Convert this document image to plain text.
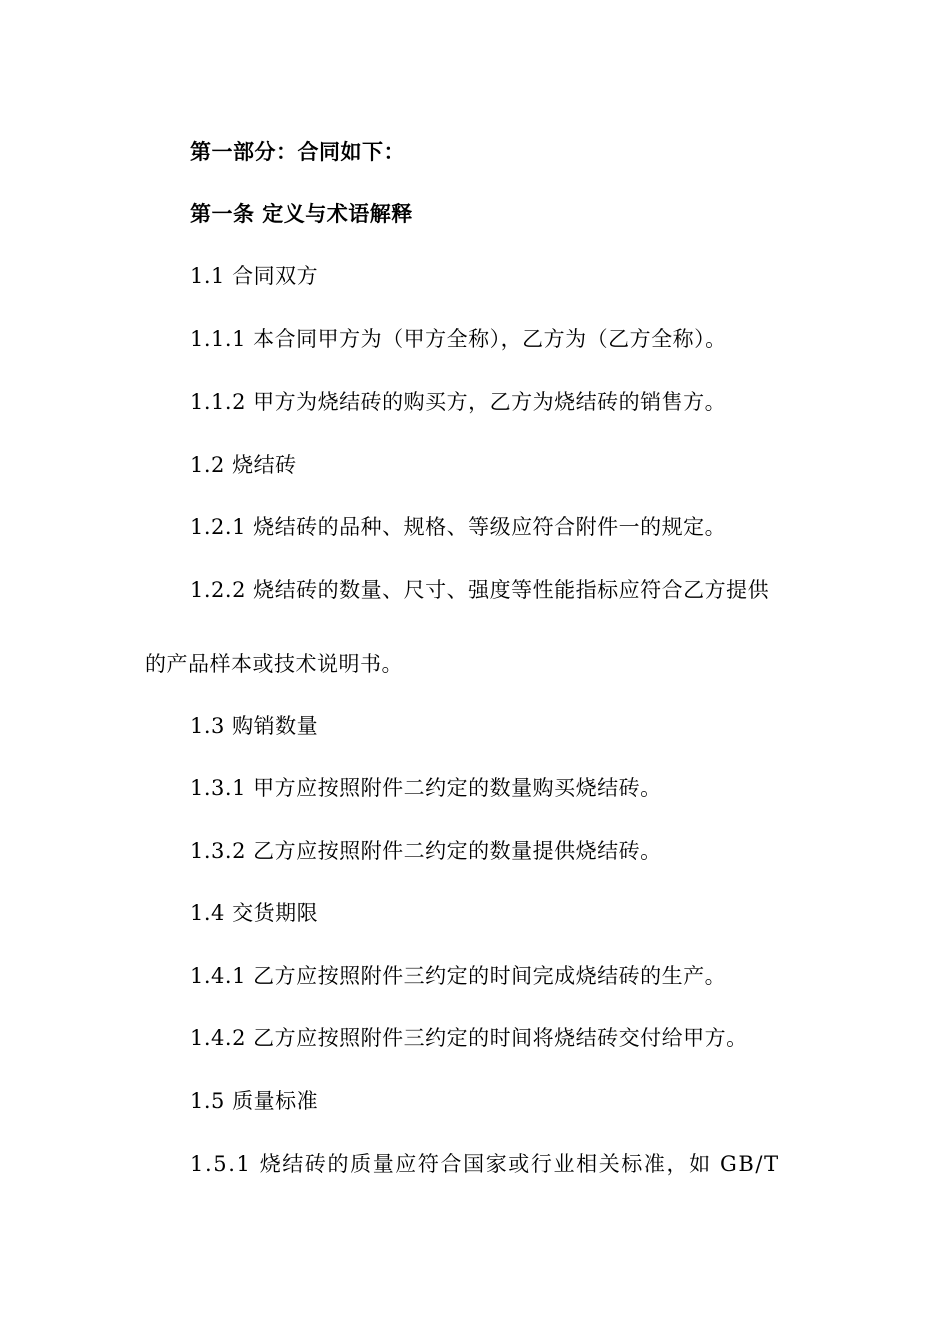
第一部分：合同如下：
第一条 定义与术语解释
1.1 合同双方
1.1.1 本合同甲方为（甲方全称），乙方为（乙方全称）。
1.1.2 甲方为烧结砖的购买方，乙方为烧结砖的销售方。
1.2 烧结砖
1.2.1 烧结砖的品种、规格、等级应符合附件一的规定。
1.2.2 烧结砖的数量、尺寸、强度等性能指标应符合乙方提供
的产品样本或技术说明书。
1.3 购销数量
1.3.1 甲方应按照附件二约定的数量购买烧结砖。
1.3.2 乙方应按照附件二约定的数量提供烧结砖。
1.4 交货期限
1.4.1 乙方应按照附件三约定的时间完成烧结砖的生产。
1.4.2 乙方应按照附件三约定的时间将烧结砖交付给甲方。
1.5 质量标准
1.5.1 烧结砖的质量应符合国家或行业相关标准，如 GB/T
